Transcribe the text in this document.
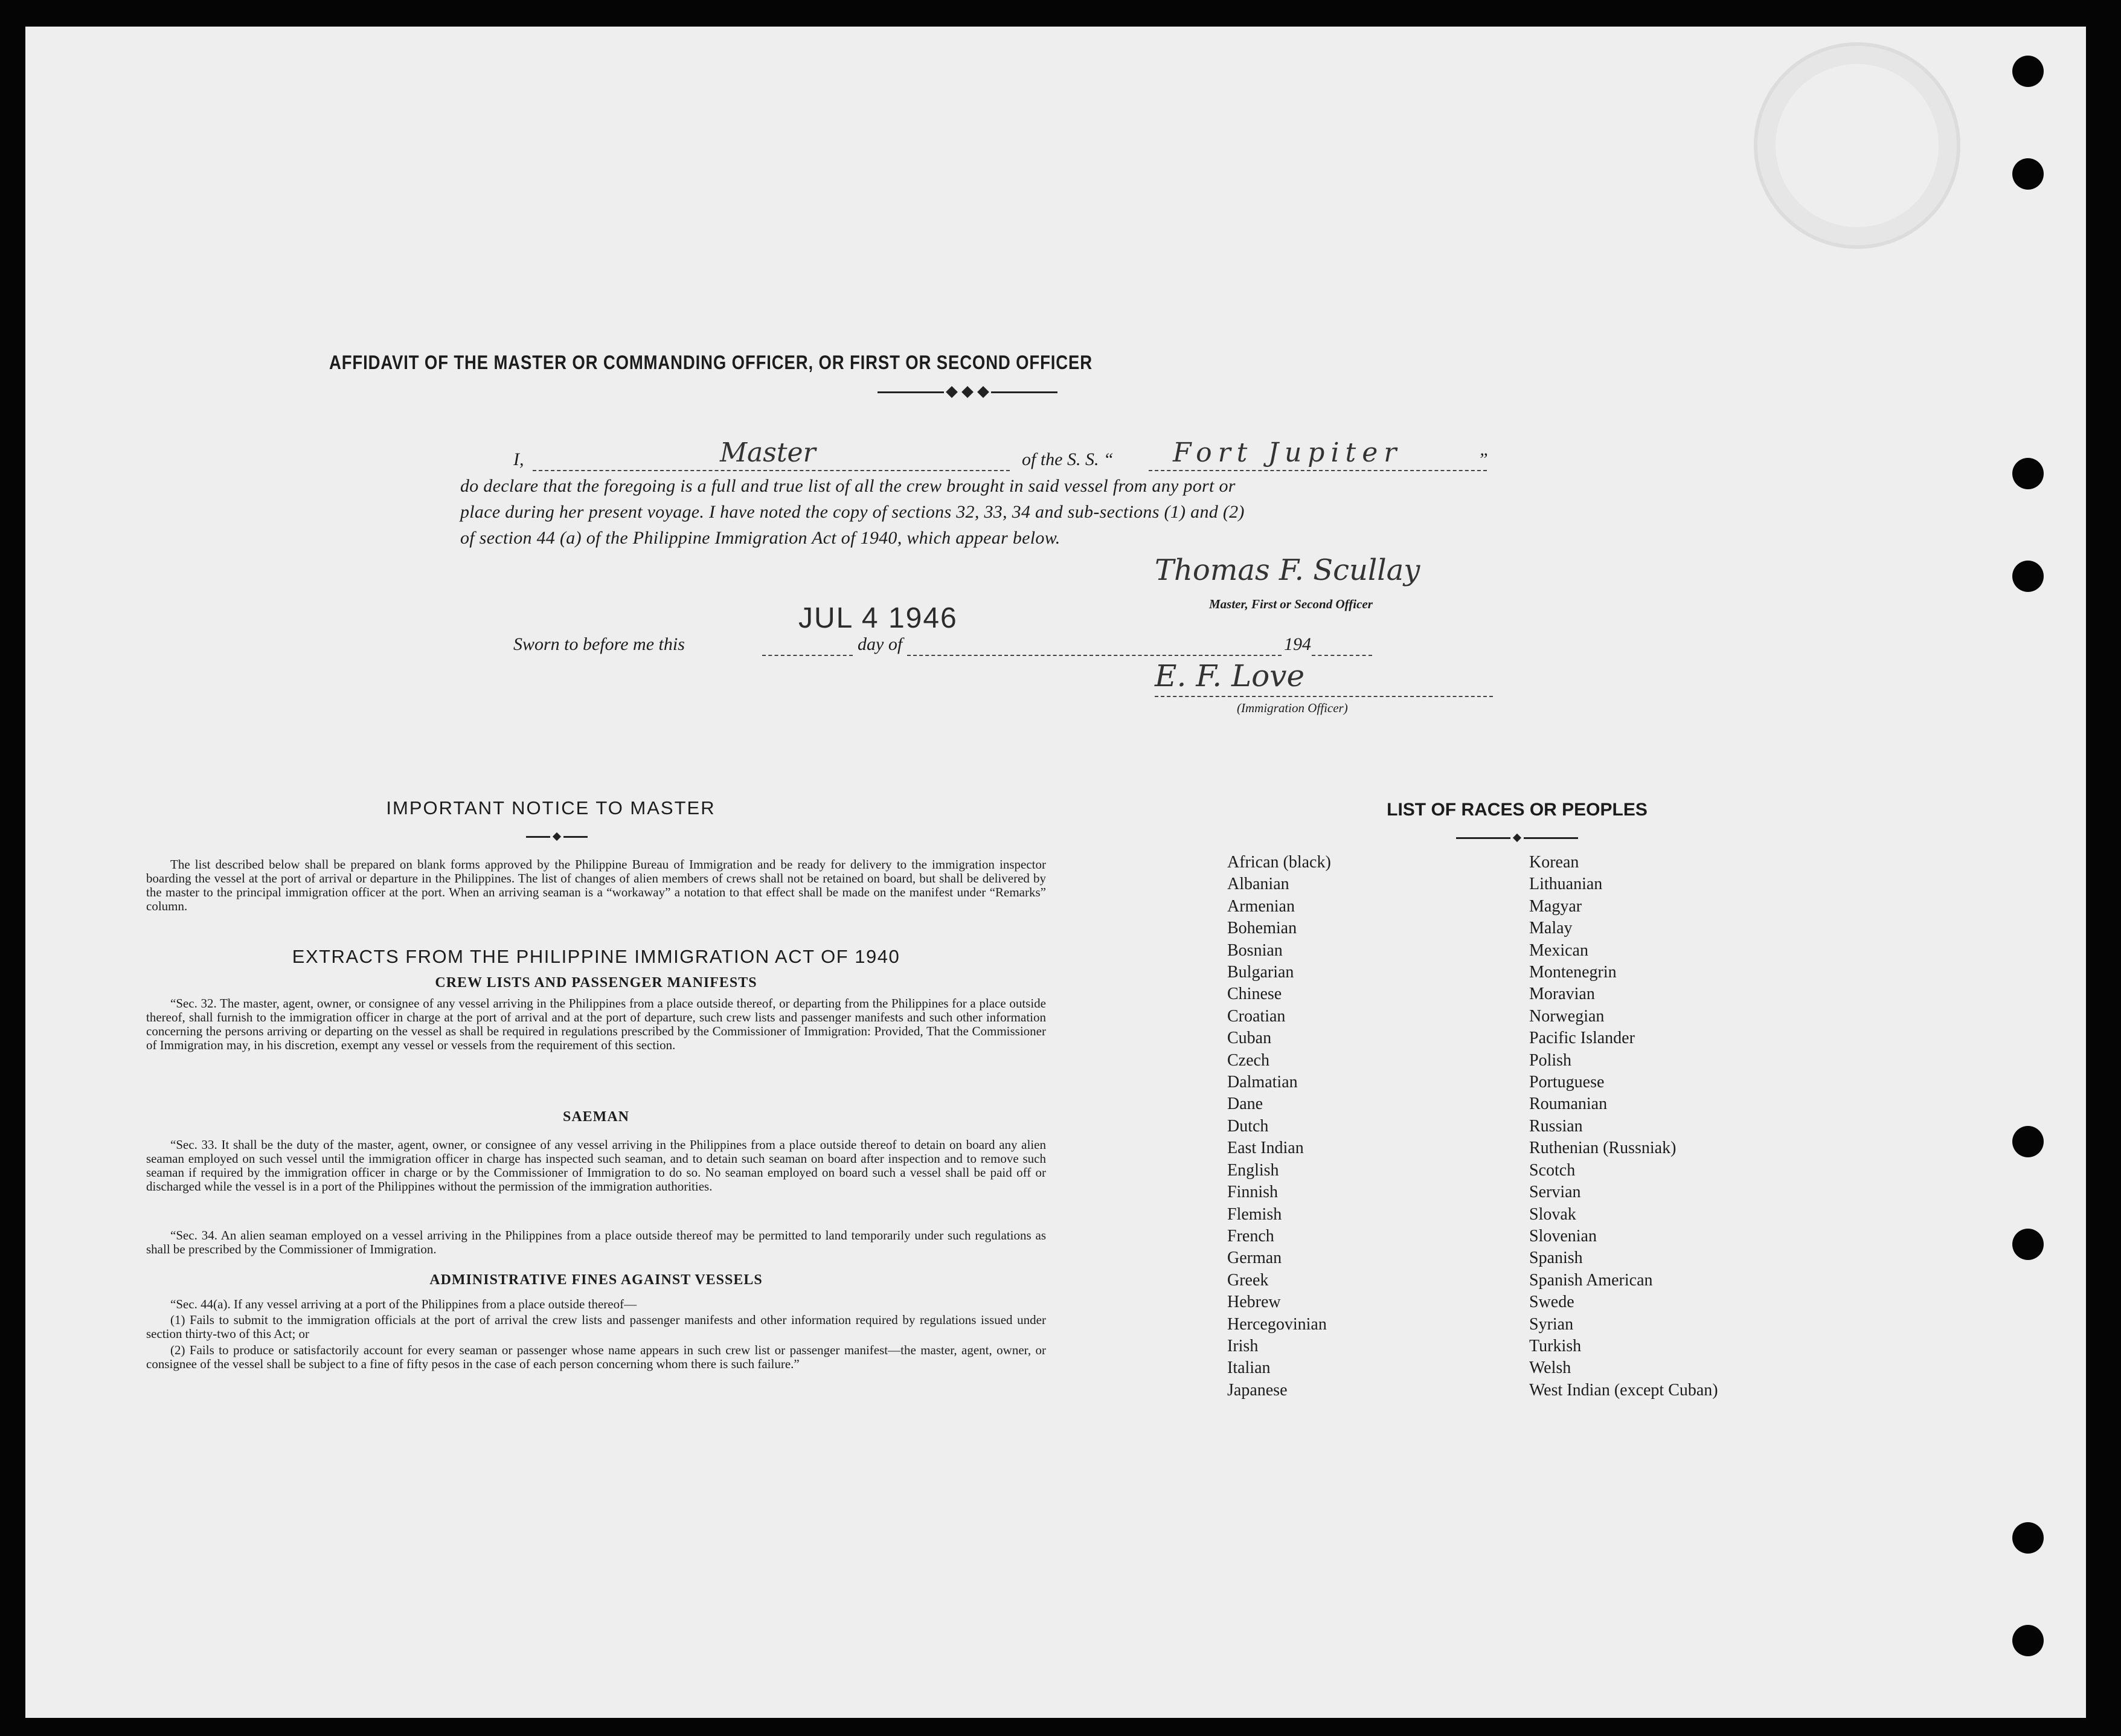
AFFIDAVIT OF THE MASTER OR COMMANDING OFFICER, OR FIRST OR SECOND OFFICER
I,	Master	of the S. S. “ Fort Jupiter	”
do declare that the foregoing is a full and true list of all the crew brought in said vessel from any port or
place during her present voyage. I have noted the copy of sections 32, 33, 34 and sub-sections (1) and (2)
of section 44 (a) of the Philippine Immigration Act of 1940, which appear below.
Thomas F. Scullay
Master, First or Second Officer
Sworn to before me this
JUL 4 1946
day of	194
E. F. Love
(Immigration Officer)
IMPORTANT NOTICE TO MASTER
The list described below shall be prepared on blank forms approved by the Philippine Bureau of Immigration and be ready for delivery to the immigration inspector boarding the vessel at the port of arrival or departure in the Philippines. The list of changes of alien members of crews shall not be retained on board, but shall be delivered by the master to the principal immigration officer at the port. When an arriving seaman is a “workaway” a notation to that effect shall be made on the manifest under “Remarks” column.
EXTRACTS FROM THE PHILIPPINE IMMIGRATION ACT OF 1940
CREW LISTS AND PASSENGER MANIFESTS
“Sec. 32. The master, agent, owner, or consignee of any vessel arriving in the Philippines from a place outside thereof, or departing from the Philippines for a place outside thereof, shall furnish to the immigration officer in charge at the port of arrival and at the port of departure, such crew lists and passenger manifests and such other information concerning the persons arriving or departing on the vessel as shall be required in regulations prescribed by the Commissioner of Immigration: Provided, That the Commissioner of Immigration may, in his discretion, exempt any vessel or vessels from the requirement of this section.
SAEMAN
“Sec. 33. It shall be the duty of the master, agent, owner, or consignee of any vessel arriving in the Philippines from a place outside thereof to detain on board any alien seaman employed on such vessel until the immigration officer in charge has inspected such seaman, and to detain such seaman on board after inspection and to remove such seaman if required by the immigration officer in charge or by the Commissioner of Immigration to do so. No seaman employed on board such a vessel shall be paid off or discharged while the vessel is in a port of the Philippines without the permission of the immigration authorities.
“Sec. 34. An alien seaman employed on a vessel arriving in the Philippines from a place outside thereof may be permitted to land temporarily under such regulations as shall be prescribed by the Commissioner of Immigration.
ADMINISTRATIVE FINES AGAINST VESSELS
“Sec. 44(a). If any vessel arriving at a port of the Philippines from a place outside thereof—
(1) Fails to submit to the immigration officials at the port of arrival the crew lists and passenger manifests and other information required by regulations issued under section thirty-two of this Act; or
(2) Fails to produce or satisfactorily account for every seaman or passenger whose name appears in such crew list or passenger manifest—the master, agent, owner, or consignee of the vessel shall be subject to a fine of fifty pesos in the case of each person concerning whom there is such failure.”
LIST OF RACES OR PEOPLES
African (black)
Albanian
Armenian
Bohemian
Bosnian
Bulgarian
Chinese
Croatian
Cuban
Czech
Dalmatian
Dane
Dutch
East Indian
English
Finnish
Flemish
French
German
Greek
Hebrew
Hercegovinian
Irish
Italian
Japanese
Korean
Lithuanian
Magyar
Malay
Mexican
Montenegrin
Moravian
Norwegian
Pacific Islander
Polish
Portuguese
Roumanian
Russian
Ruthenian (Russniak)
Scotch
Servian
Slovak
Slovenian
Spanish
Spanish American
Swede
Syrian
Turkish
Welsh
West Indian (except Cuban)
